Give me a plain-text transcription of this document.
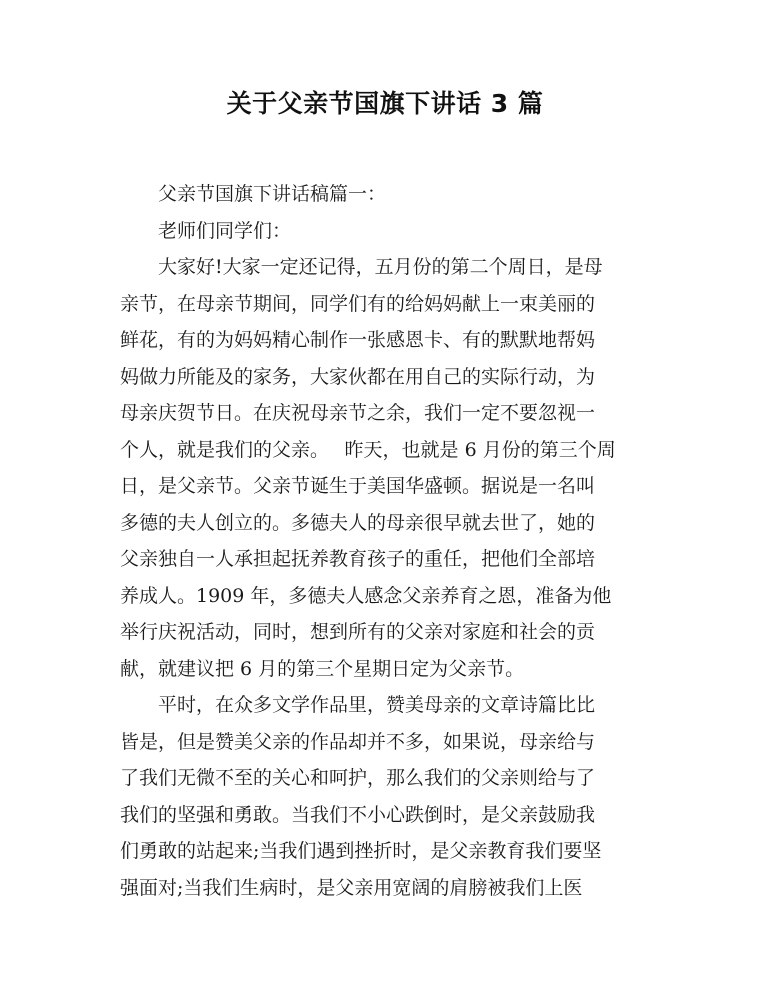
关于父亲节国旗下讲话 3 篇
父亲节国旗下讲话稿篇一：
老师们同学们：
大家好!大家一定还记得，五月份的第二个周日，是母
亲节，在母亲节期间，同学们有的给妈妈献上一束美丽的
鲜花，有的为妈妈精心制作一张感恩卡、有的默默地帮妈
妈做力所能及的家务，大家伙都在用自己的实际行动，为
母亲庆贺节日。在庆祝母亲节之余，我们一定不要忽视一
个人，就是我们的父亲。　 昨天，也就是 6 月份的第三个周
日，是父亲节。父亲节诞生于美国华盛顿。据说是一名叫
多德的夫人创立的。多德夫人的母亲很早就去世了，她的
父亲独自一人承担起抚养教育孩子的重任，把他们全部培
养成人。1909 年，多德夫人感念父亲养育之恩，准备为他
举行庆祝活动，同时，想到所有的父亲对家庭和社会的贡
献，就建议把 6 月的第三个星期日定为父亲节。
平时，在众多文学作品里，赞美母亲的文章诗篇比比
皆是，但是赞美父亲的作品却并不多，如果说，母亲给与
了我们无微不至的关心和呵护，那么我们的父亲则给与了
我们的坚强和勇敢。当我们不小心跌倒时，是父亲鼓励我
们勇敢的站起来;当我们遇到挫折时，是父亲教育我们要坚
强面对;当我们生病时，是父亲用宽阔的肩膀被我们上医
